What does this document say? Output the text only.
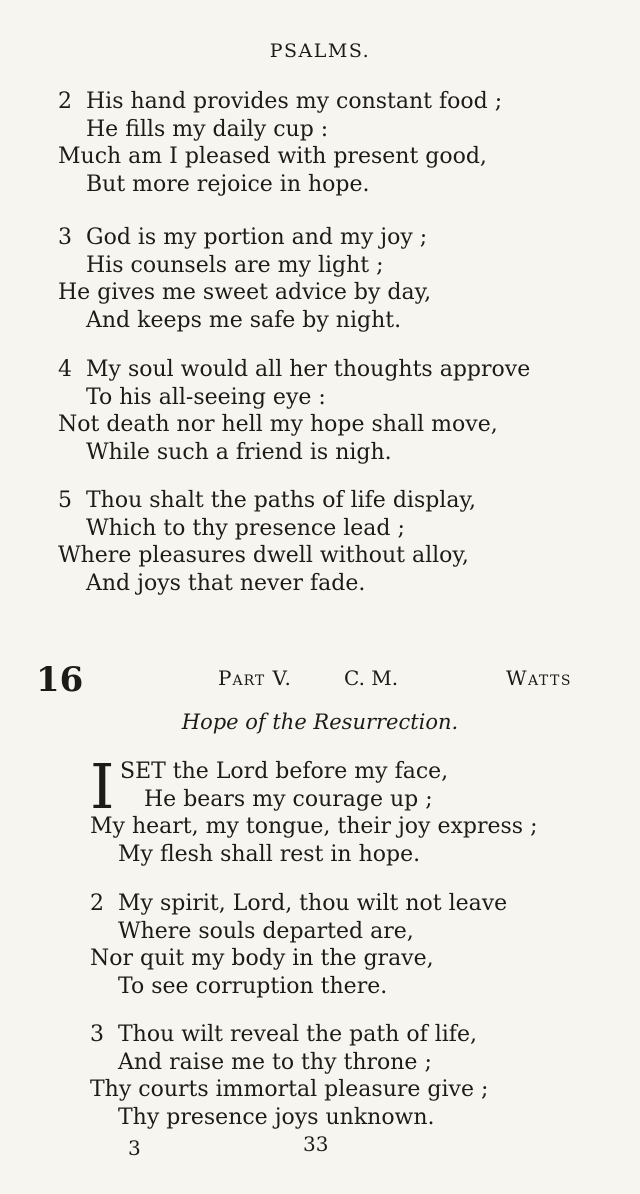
PSALMS.
2 His hand provides my constant food ;
He fills my daily cup :
Much am I pleased with present good,
But more rejoice in hope.
3 God is my portion and my joy ;
His counsels are my light ;
He gives me sweet advice by day,
And keeps me safe by night.
4 My soul would all her thoughts approve
To his all-seeing eye :
Not death nor hell my hope shall move,
While such a friend is nigh.
5 Thou shalt the paths of life display,
Which to thy presence lead ;
Where pleasures dwell without alloy,
And joys that never fade.
16	Part V.	C. M.	Watts
Hope of the Resurrection.
I SET the Lord before my face,
He bears my courage up ;
My heart, my tongue, their joy express ;
My flesh shall rest in hope.
2 My spirit, Lord, thou wilt not leave
Where souls departed are,
Nor quit my body in the grave,
To see corruption there.
3 Thou wilt reveal the path of life,
And raise me to thy throne ;
Thy courts immortal pleasure give ;
Thy presence joys unknown.
3	33
